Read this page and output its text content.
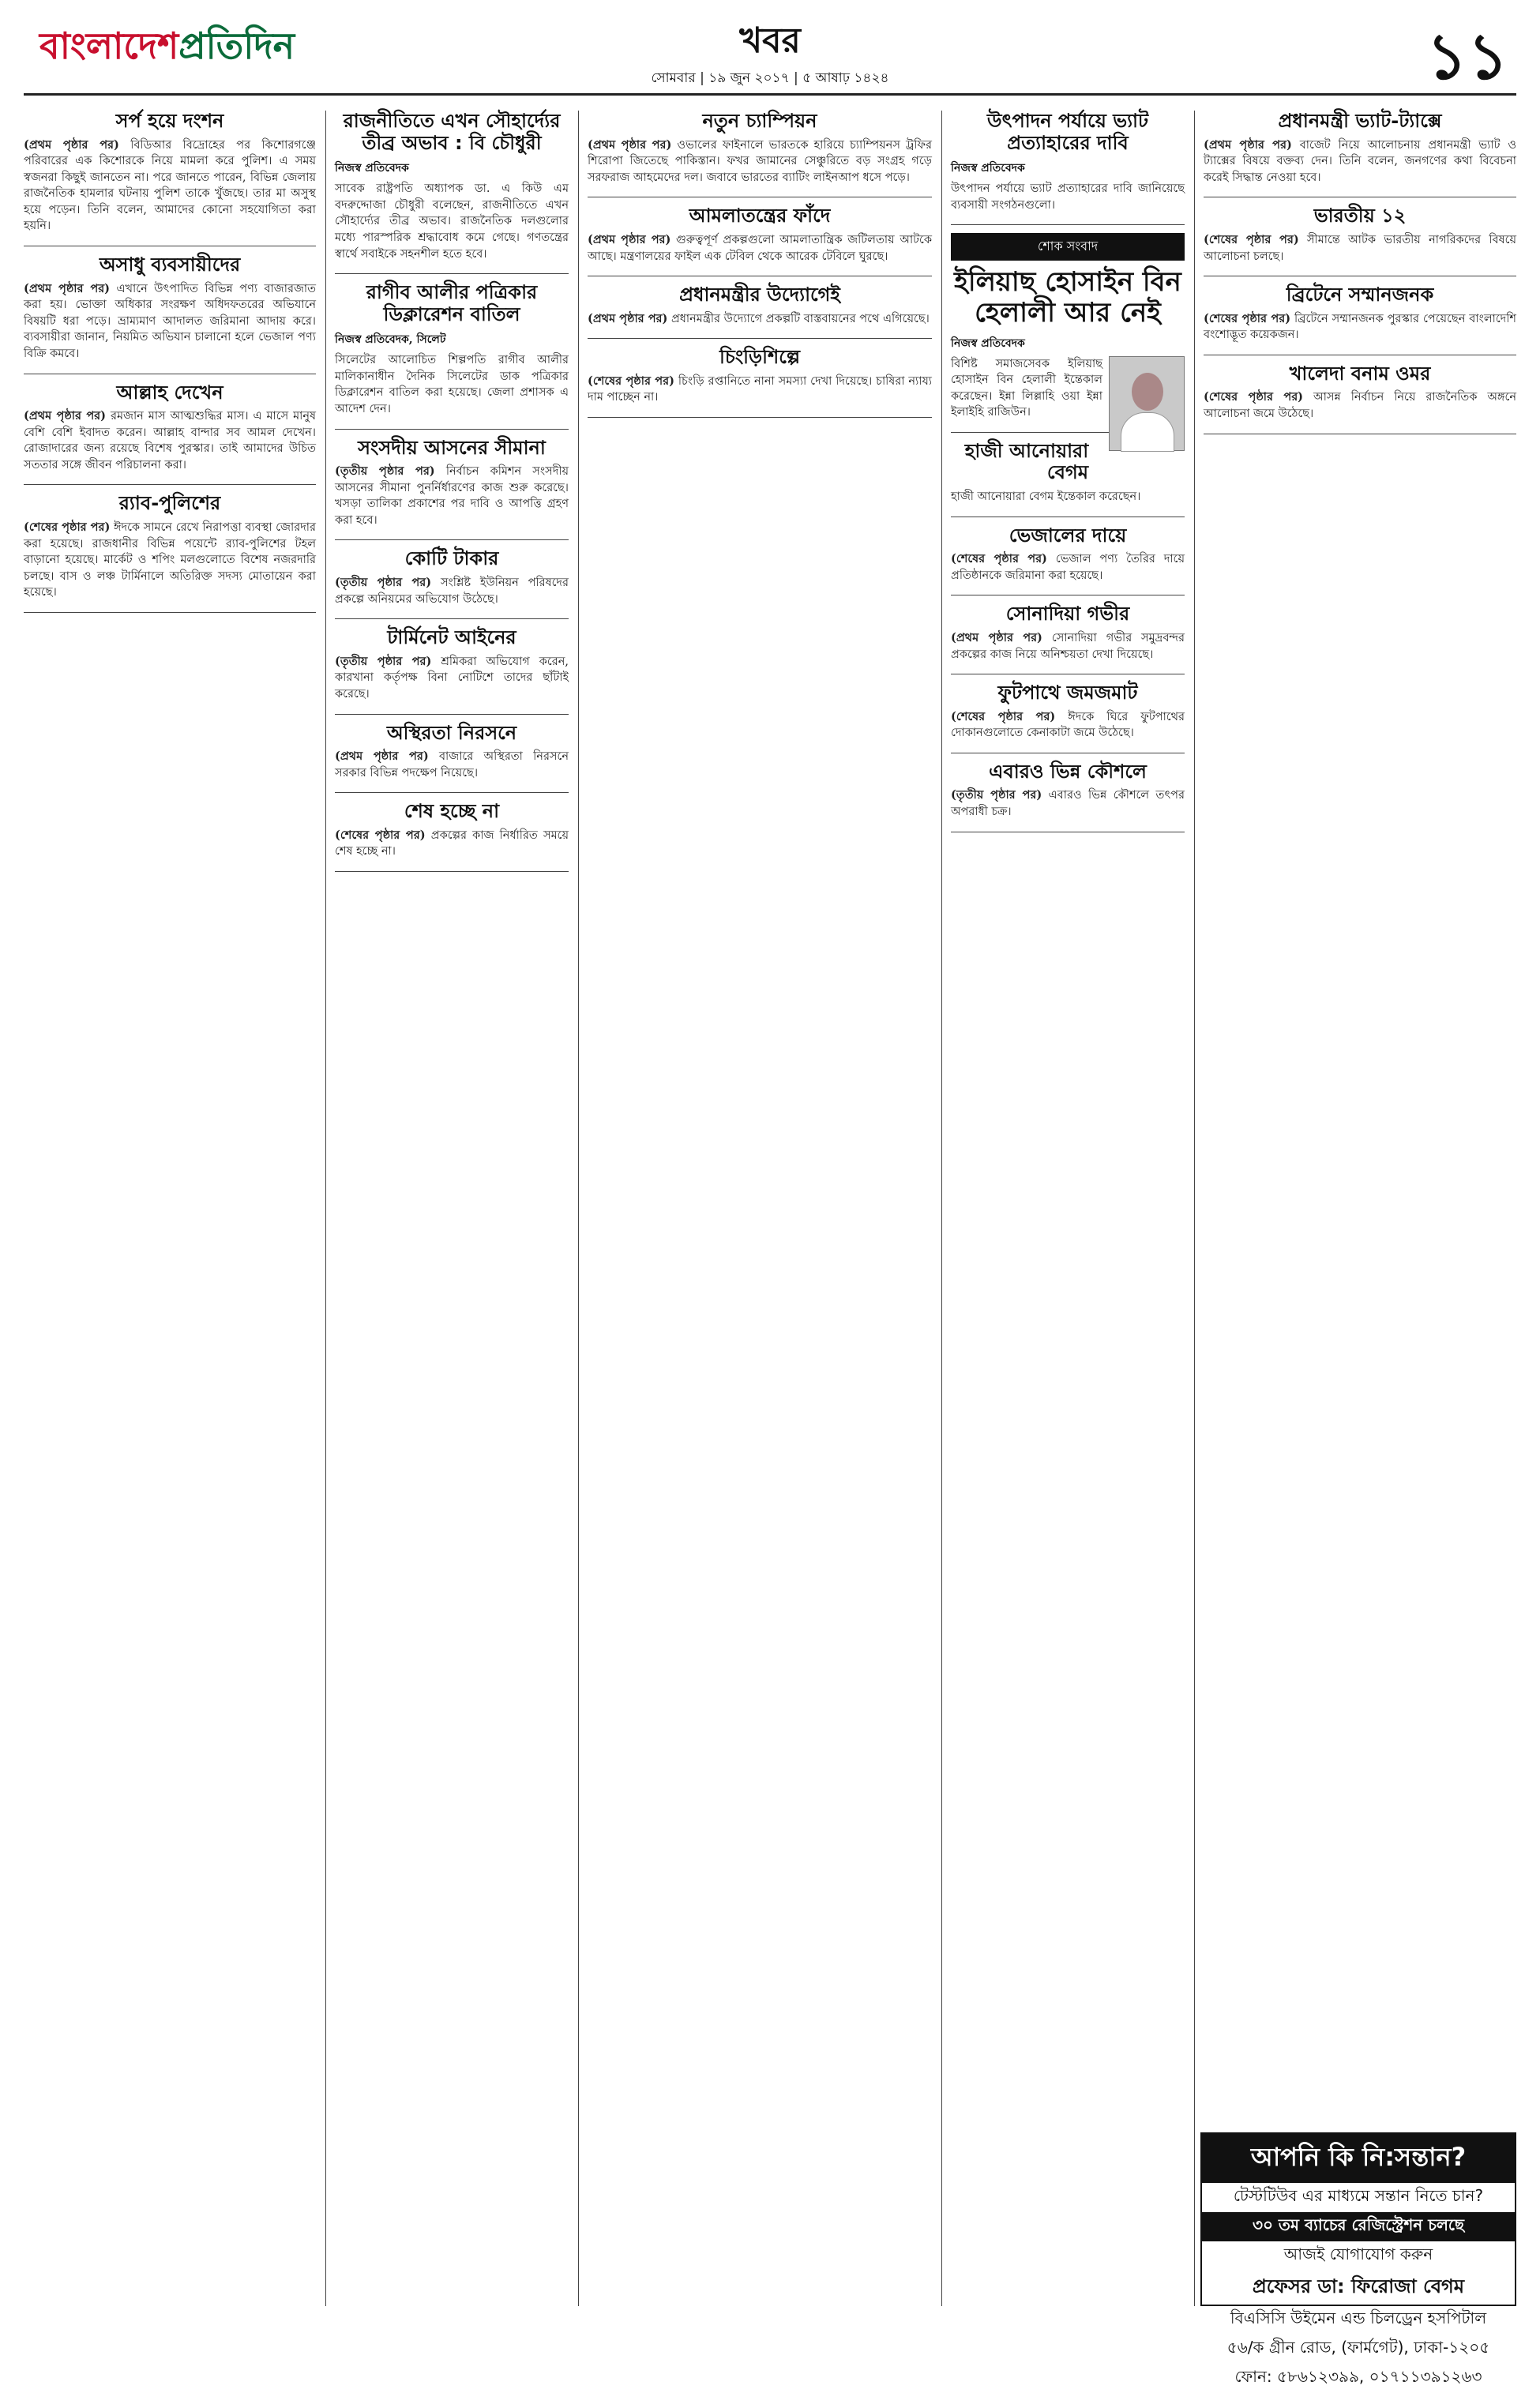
বাংলাদেশপ্রতিদিন	খবর	১১
সোমবার | ১৯ জুন ২০১৭ | ৫ আষাঢ় ১৪২৪
সর্প হয়ে দংশন

(প্রথম পৃষ্ঠার পর) বিডিআর বিদ্রোহের পর কিশোরগঞ্জে পরিবারের এক কিশোরকে নিয়ে মামলা করে পুলিশ। এ সময় স্বজনরা কিছুই জানতেন না। পরে জানতে পারেন, বিভিন্ন জেলায় রাজনৈতিক হামলার ঘটনায় পুলিশ তাকে খুঁজছে। তার মা অসুস্থ হয়ে পড়েন। তিনি বলেন, আমাদের কোনো সহযোগিতা করা হয়নি।

অসাধু ব্যবসায়ীদের

(প্রথম পৃষ্ঠার পর) এখানে উৎপাদিত বিভিন্ন পণ্য বাজারজাত করা হয়। ভোক্তা অধিকার সংরক্ষণ অধিদফতরের অভিযানে বিষয়টি ধরা পড়ে। ভ্রাম্যমাণ আদালত জরিমানা আদায় করে। ব্যবসায়ীরা জানান, নিয়মিত অভিযান চালানো হলে ভেজাল পণ্য বিক্রি কমবে।

আল্লাহ দেখেন

(প্রথম পৃষ্ঠার পর) রমজান মাস আত্মশুদ্ধির মাস। এ মাসে মানুষ বেশি বেশি ইবাদত করেন। আল্লাহ বান্দার সব আমল দেখেন। রোজাদারের জন্য রয়েছে বিশেষ পুরস্কার। তাই আমাদের উচিত সততার সঙ্গে জীবন পরিচালনা করা।

র‌্যাব-পুলিশের

(শেষের পৃষ্ঠার পর) ঈদকে সামনে রেখে নিরাপত্তা ব্যবস্থা জোরদার করা হয়েছে। রাজধানীর বিভিন্ন পয়েন্টে র‌্যাব-পুলিশের টহল বাড়ানো হয়েছে। মার্কেট ও শপিং মলগুলোতে বিশেষ নজরদারি চলছে। বাস ও লঞ্চ টার্মিনালে অতিরিক্ত সদস্য মোতায়েন করা হয়েছে।

রাজনীতিতে এখন সৌহার্দ্যের তীব্র অভাব : বি চৌধুরী
নিজস্ব প্রতিবেদক

সাবেক রাষ্ট্রপতি অধ্যাপক ডা. এ কিউ এম বদরুদ্দোজা চৌধুরী বলেছেন, রাজনীতিতে এখন সৌহার্দ্যের তীব্র অভাব। রাজনৈতিক দলগুলোর মধ্যে পারস্পরিক শ্রদ্ধাবোধ কমে গেছে। গণতন্ত্রের স্বার্থে সবাইকে সহনশীল হতে হবে।

রাগীব আলীর পত্রিকার ডিক্লারেশন বাতিল
নিজস্ব প্রতিবেদক, সিলেট

সিলেটের আলোচিত শিল্পপতি রাগীব আলীর মালিকানাধীন দৈনিক সিলেটের ডাক পত্রিকার ডিক্লারেশন বাতিল করা হয়েছে। জেলা প্রশাসক এ আদেশ দেন।

সংসদীয় আসনের সীমানা

(তৃতীয় পৃষ্ঠার পর) নির্বাচন কমিশন সংসদীয় আসনের সীমানা পুনর্নির্ধারণের কাজ শুরু করেছে। খসড়া তালিকা প্রকাশের পর দাবি ও আপত্তি গ্রহণ করা হবে।

কোটি টাকার

(তৃতীয় পৃষ্ঠার পর) সংশ্লিষ্ট ইউনিয়ন পরিষদের প্রকল্পে অনিয়মের অভিযোগ উঠেছে।

টার্মিনেট আইনের

(তৃতীয় পৃষ্ঠার পর) শ্রমিকরা অভিযোগ করেন, কারখানা কর্তৃপক্ষ বিনা নোটিশে তাদের ছাঁটাই করেছে।

অস্থিরতা নিরসনে

(প্রথম পৃষ্ঠার পর) বাজারে অস্থিরতা নিরসনে সরকার বিভিন্ন পদক্ষেপ নিয়েছে।

শেষ হচ্ছে না

(শেষের পৃষ্ঠার পর) প্রকল্পের কাজ নির্ধারিত সময়ে শেষ হচ্ছে না।

নতুন চ্যাম্পিয়ন

(প্রথম পৃষ্ঠার পর) ওভালের ফাইনালে ভারতকে হারিয়ে চ্যাম্পিয়নস ট্রফির শিরোপা জিতেছে পাকিস্তান। ফখর জামানের সেঞ্চুরিতে বড় সংগ্রহ গড়ে সরফরাজ আহমেদের দল। জবাবে ভারতের ব্যাটিং লাইনআপ ধসে পড়ে।

আমলাতন্ত্রের ফাঁদে

(প্রথম পৃষ্ঠার পর) গুরুত্বপূর্ণ প্রকল্পগুলো আমলাতান্ত্রিক জটিলতায় আটকে আছে। মন্ত্রণালয়ের ফাইল এক টেবিল থেকে আরেক টেবিলে ঘুরছে।

প্রধানমন্ত্রীর উদ্যোগেই

(প্রথম পৃষ্ঠার পর) প্রধানমন্ত্রীর উদ্যোগে প্রকল্পটি বাস্তবায়নের পথে এগিয়েছে।

চিংড়িশিল্পে

(শেষের পৃষ্ঠার পর) চিংড়ি রপ্তানিতে নানা সমস্যা দেখা দিয়েছে। চাষিরা ন্যায্য দাম পাচ্ছেন না।

উৎপাদন পর্যায়ে ভ্যাট প্রত্যাহারের দাবি
নিজস্ব প্রতিবেদক

উৎপাদন পর্যায়ে ভ্যাট প্রত্যাহারের দাবি জানিয়েছে ব্যবসায়ী সংগঠনগুলো।

শোক সংবাদ
ইলিয়াছ হোসাইন বিন হেলালী আর নেই
নিজস্ব প্রতিবেদক

বিশিষ্ট সমাজসেবক ইলিয়াছ হোসাইন বিন হেলালী ইন্তেকাল করেছেন। ইন্না লিল্লাহি ওয়া ইন্না ইলাইহি রাজিউন।

হাজী আনোয়ারা বেগম

হাজী আনোয়ারা বেগম ইন্তেকাল করেছেন।

ভেজালের দায়ে

(শেষের পৃষ্ঠার পর) ভেজাল পণ্য তৈরির দায়ে প্রতিষ্ঠানকে জরিমানা করা হয়েছে।

সোনাদিয়া গভীর

(প্রথম পৃষ্ঠার পর) সোনাদিয়া গভীর সমুদ্রবন্দর প্রকল্পের কাজ নিয়ে অনিশ্চয়তা দেখা দিয়েছে।

ফুটপাথে জমজমাট

(শেষের পৃষ্ঠার পর) ঈদকে ঘিরে ফুটপাথের দোকানগুলোতে কেনাকাটা জমে উঠেছে।

এবারও ভিন্ন কৌশলে

(তৃতীয় পৃষ্ঠার পর) এবারও ভিন্ন কৌশলে তৎপর অপরাধী চক্র।

প্রধানমন্ত্রী ভ্যাট-ট্যাক্সে

(প্রথম পৃষ্ঠার পর) বাজেট নিয়ে আলোচনায় প্রধানমন্ত্রী ভ্যাট ও ট্যাক্সের বিষয়ে বক্তব্য দেন। তিনি বলেন, জনগণের কথা বিবেচনা করেই সিদ্ধান্ত নেওয়া হবে।

ভারতীয় ১২

(শেষের পৃষ্ঠার পর) সীমান্তে আটক ভারতীয় নাগরিকদের বিষয়ে আলোচনা চলছে।

ব্রিটেনে সম্মানজনক

(শেষের পৃষ্ঠার পর) ব্রিটেনে সম্মানজনক পুরস্কার পেয়েছেন বাংলাদেশি বংশোদ্ভূত কয়েকজন।

খালেদা বনাম ওমর

(শেষের পৃষ্ঠার পর) আসন্ন নির্বাচন নিয়ে রাজনৈতিক অঙ্গনে আলোচনা জমে উঠেছে।

আপনি কি নি:সন্তান?
টেস্টটিউব এর মাধ্যমে সন্তান নিতে চান?
৩০ তম ব্যাচের রেজিস্ট্রেশন চলছে
আজই যোগাযোগ করুন
প্রফেসর ডা: ফিরোজা বেগম
বিএসিসি উইমেন এন্ড চিলড্রেন হসপিটাল
৫৬/ক গ্রীন রোড, (ফার্মগেট), ঢাকা-১২০৫
ফোন: ৫৮৬১২৩৯৯, ০১৭১১৩৯১২৬৩
